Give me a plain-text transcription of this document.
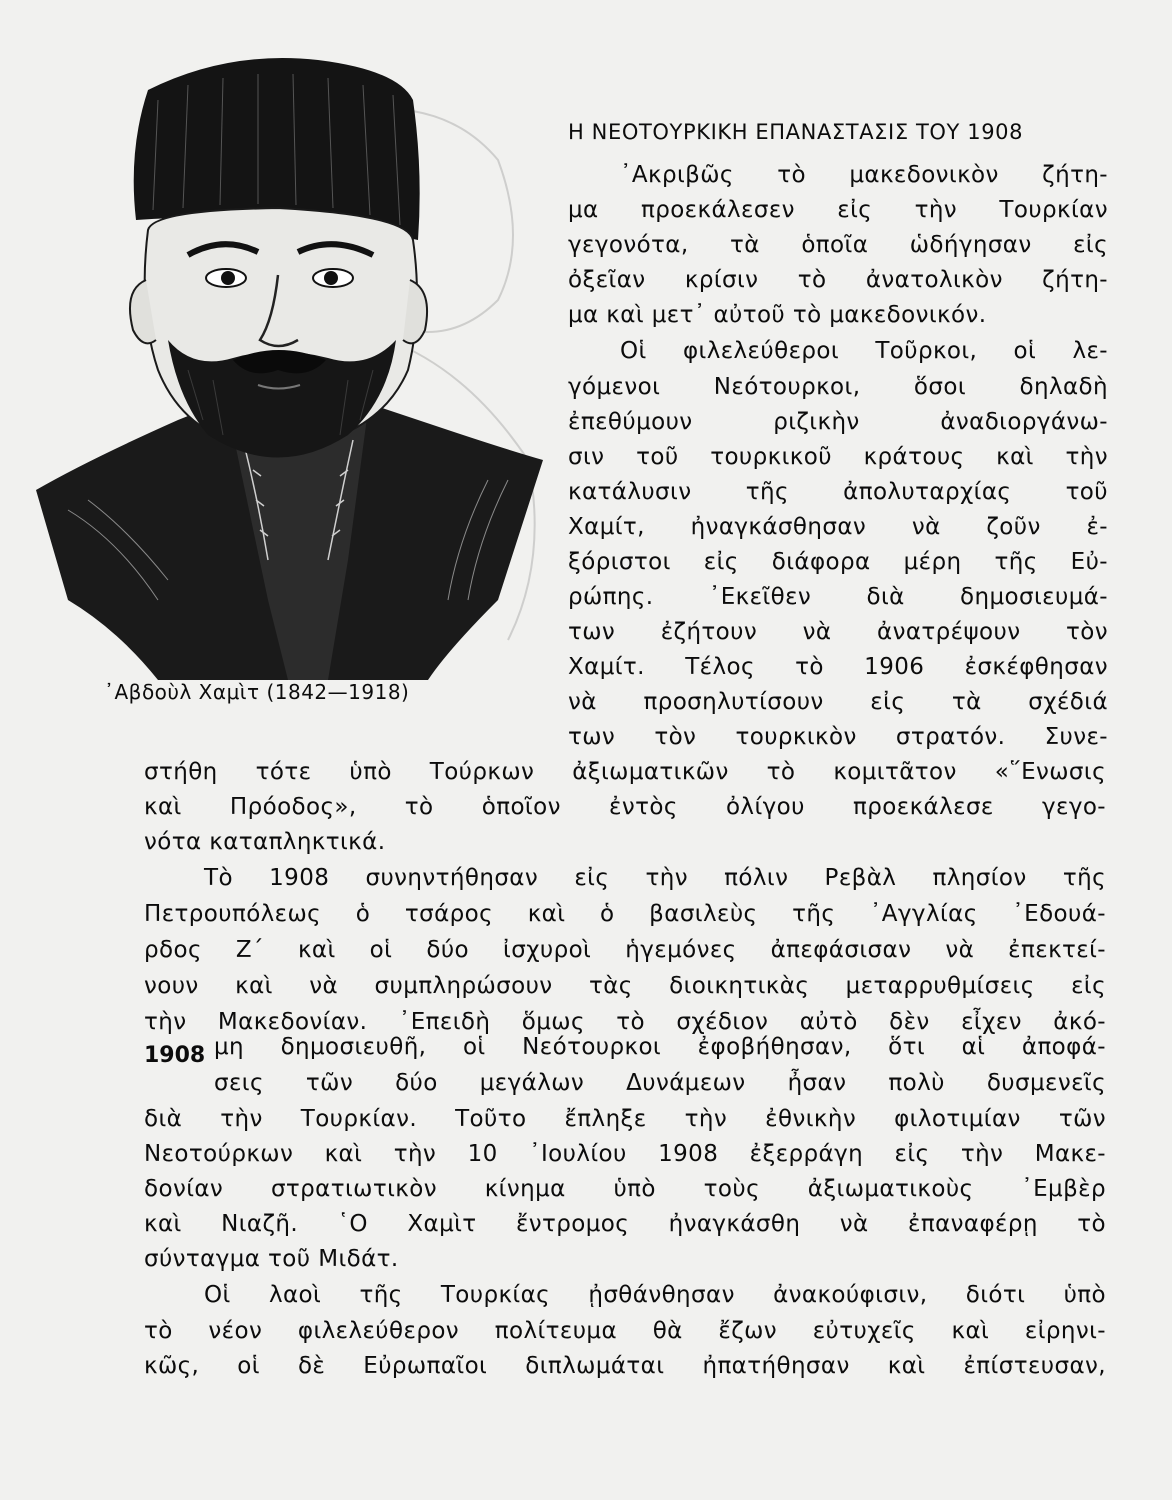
᾽Αβδοὺλ Χαμὶτ (1842—1918)
Η ΝΕΟΤΟΥΡΚΙΚΗ ΕΠΑΝΑΣΤΑΣΙΣ ΤΟΥ 1908
᾽Ακριβῶς τὸ μακεδονικὸν ζήτη-
μα προεκάλεσεν εἰς τὴν Τουρκίαν
γεγονότα, τὰ ὁποῖα ὡδήγησαν εἰς
ὀξεῖαν κρίσιν τὸ ἀνατολικὸν ζήτη-
μα καὶ μετ᾽ αὐτοῦ τὸ μακεδονικόν.
Οἱ φιλελεύθεροι Τοῦρκοι, οἱ λε-
γόμενοι Νεότουρκοι, ὅσοι δηλαδὴ
ἐπεθύμουν ριζικὴν ἀναδιοργάνω-
σιν τοῦ τουρκικοῦ κράτους καὶ τὴν
κατάλυσιν τῆς ἀπολυταρχίας τοῦ
Χαμίτ, ἠναγκάσθησαν νὰ ζοῦν ἐ-
ξόριστοι εἰς διάφορα μέρη τῆς Εὐ-
ρώπης. ᾽Εκεῖθεν διὰ δημοσιευμά-
των ἐζήτουν νὰ ἀνατρέψουν τὸν
Χαμίτ. Τέλος τὸ 1906 ἐσκέφθησαν
νὰ προσηλυτίσουν εἰς τὰ σχέδιά
των τὸν τουρκικὸν στρατόν. Συνε-
στήθη τότε ὑπὸ Τούρκων ἀξιωματικῶν τὸ κομιτᾶτον «῞Ενωσις
καὶ Πρόοδος», τὸ ὁποῖον ἐντὸς ὀλίγου προεκάλεσε γεγο-
νότα καταπληκτικά.
Τὸ 1908 συνηντήθησαν εἰς τὴν πόλιν Ρεβὰλ πλησίον τῆς
Πετρουπόλεως ὁ τσάρος καὶ ὁ βασιλεὺς τῆς ᾽Αγγλίας ᾽Εδουά-
ρδος Ζ΄ καὶ οἱ δύο ἰσχυροὶ ἡγεμόνες ἀπεφάσισαν νὰ ἐπεκτεί-
νουν καὶ νὰ συμπληρώσουν τὰς διοικητικὰς μεταρρυθμίσεις εἰς
τὴν Μακεδονίαν. ᾽Επειδὴ ὅμως τὸ σχέδιον αὐτὸ δὲν εἶχεν ἀκό-
1908 μη δημοσιευθῆ, οἱ Νεότουρκοι ἐφοβήθησαν, ὅτι αἱ ἀποφά-
σεις τῶν δύο μεγάλων Δυνάμεων ἦσαν πολὺ δυσμενεῖς
διὰ τὴν Τουρκίαν. Τοῦτο ἔπληξε τὴν ἐθνικὴν φιλοτιμίαν τῶν
Νεοτούρκων καὶ τὴν 10 ᾽Ιουλίου 1908 ἐξερράγη εἰς τὴν Μακε-
δονίαν στρατιωτικὸν κίνημα ὑπὸ τοὺς ἀξιωματικοὺς ᾽Εμβὲρ
καὶ Νιαζῆ. ῾Ο Χαμὶτ ἔντρομος ἠναγκάσθη νὰ ἐπαναφέρῃ τὸ
σύνταγμα τοῦ Μιδάτ.
Οἱ λαοὶ τῆς Τουρκίας ᾐσθάνθησαν ἀνακούφισιν, διότι ὑπὸ
τὸ νέον φιλελεύθερον πολίτευμα θὰ ἔζων εὐτυχεῖς καὶ εἰρηνι-
κῶς, οἱ δὲ Εὐρωπαῖοι διπλωμάται ἠπατήθησαν καὶ ἐπίστευσαν,
